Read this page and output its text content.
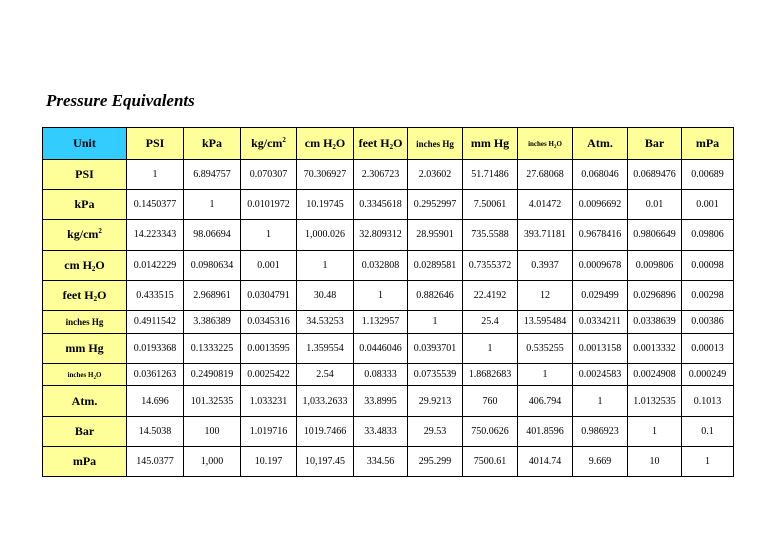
Pressure Equivalents
Unit	PSI	kPa	$kg/cm^2$	cm $H_2O$	feet $H_2O$	inches Hg	mm Hg	inches $H_2O$	Atm.	Bar	mPa
PSI	1	6.894757	0.070307	70.306927	2.306723	2.03602	51.71486	27.68068	0.068046	0.0689476	0.00689
kPa	0.1450377	1	0.0101972	10.19745	0.3345618	0.2952997	7.50061	4.01472	0.0096692	0.01	0.001
$kg/cm^2$	14.223343	98.06694	1	1,000.026	32.809312	28.95901	735.5588	393.71181	0.9678416	0.9806649	0.09806
cm $H_2O$	0.0142229	0.0980634	0.001	1	0.032808	0.0289581	0.7355372	0.3937	0.0009678	0.009806	0.00098
feet $H_2O$	0.433515	2.968961	0.0304791	30.48	1	0.882646	22.4192	12	0.029499	0.0296896	0.00298
inches Hg	0.4911542	3.386389	0.0345316	34.53253	1.132957	1	25.4	13.595484	0.0334211	0.0338639	0.00386
mm Hg	0.0193368	0.1333225	0.0013595	1.359554	0.0446046	0.0393701	1	0.535255	0.0013158	0.0013332	0.00013
inches $H_2O$	0.0361263	0.2490819	0.0025422	2.54	0.08333	0.0735539	1.8682683	1	0.0024583	0.0024908	0.000249
Atm.	14.696	101.32535	1.033231	1,033.2633	33.8995	29.9213	760	406.794	1	1.0132535	0.1013
Bar	14.5038	100	1.019716	1019.7466	33.4833	29.53	750.0626	401.8596	0.986923	1	0.1
mPa	145.0377	1,000	10.197	10,197.45	334.56	295.299	7500.61	4014.74	9.669	10	1
